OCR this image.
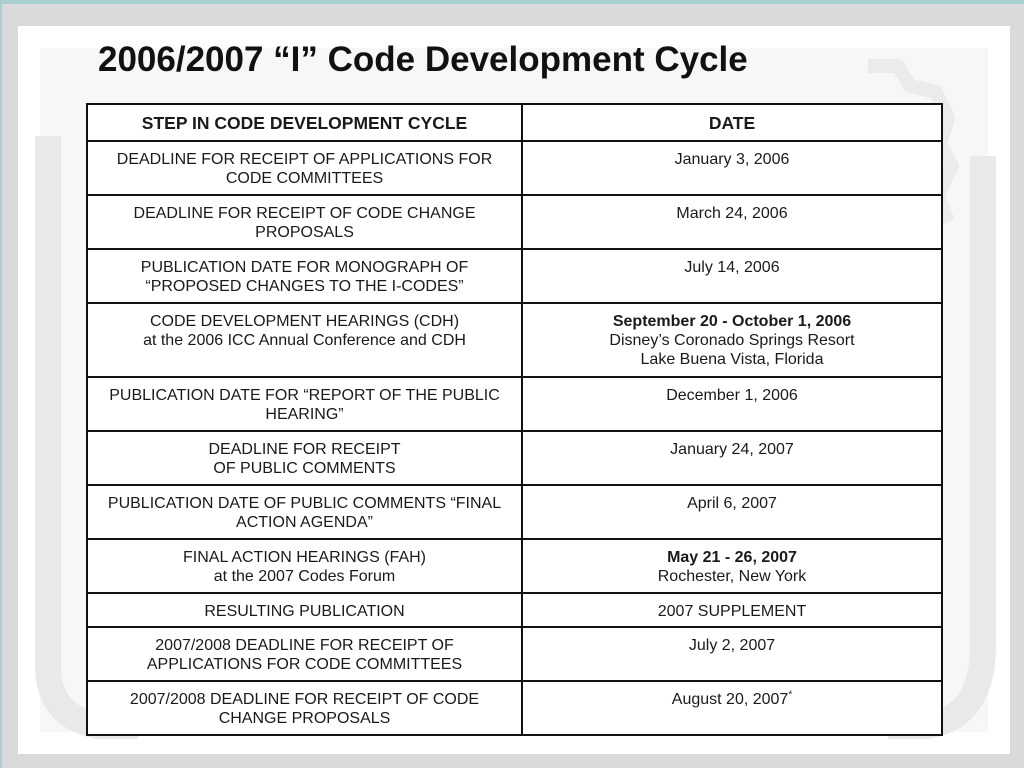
2006/2007 “I” Code Development Cycle
STEP IN CODE DEVELOPMENT CYCLE	DATE

DEADLINE FOR RECEIPT OF APPLICATIONS FOR
CODE COMMITTEES	January 3, 2006

DEADLINE FOR RECEIPT OF CODE CHANGE
PROPOSALS	March 24, 2006

PUBLICATION DATE FOR MONOGRAPH OF
“PROPOSED CHANGES TO THE I-CODES”	July 14, 2006

CODE DEVELOPMENT HEARINGS (CDH)
at the 2006 ICC Annual Conference and CDH	September 20 - October 1, 2006
Disney’s Coronado Springs Resort
Lake Buena Vista, Florida

PUBLICATION DATE FOR “REPORT OF THE PUBLIC
HEARING”	December 1, 2006

DEADLINE FOR RECEIPT
OF PUBLIC COMMENTS	January 24, 2007

PUBLICATION DATE OF PUBLIC COMMENTS “FINAL
ACTION AGENDA”	April 6, 2007

FINAL ACTION HEARINGS (FAH)
at the 2007 Codes Forum	May 21 - 26, 2007
Rochester, New York

RESULTING PUBLICATION	2007 SUPPLEMENT

2007/2008 DEADLINE FOR RECEIPT OF
APPLICATIONS FOR CODE COMMITTEES	July 2, 2007

2007/2008 DEADLINE FOR RECEIPT OF CODE
CHANGE PROPOSALS	August 20, 2007*
